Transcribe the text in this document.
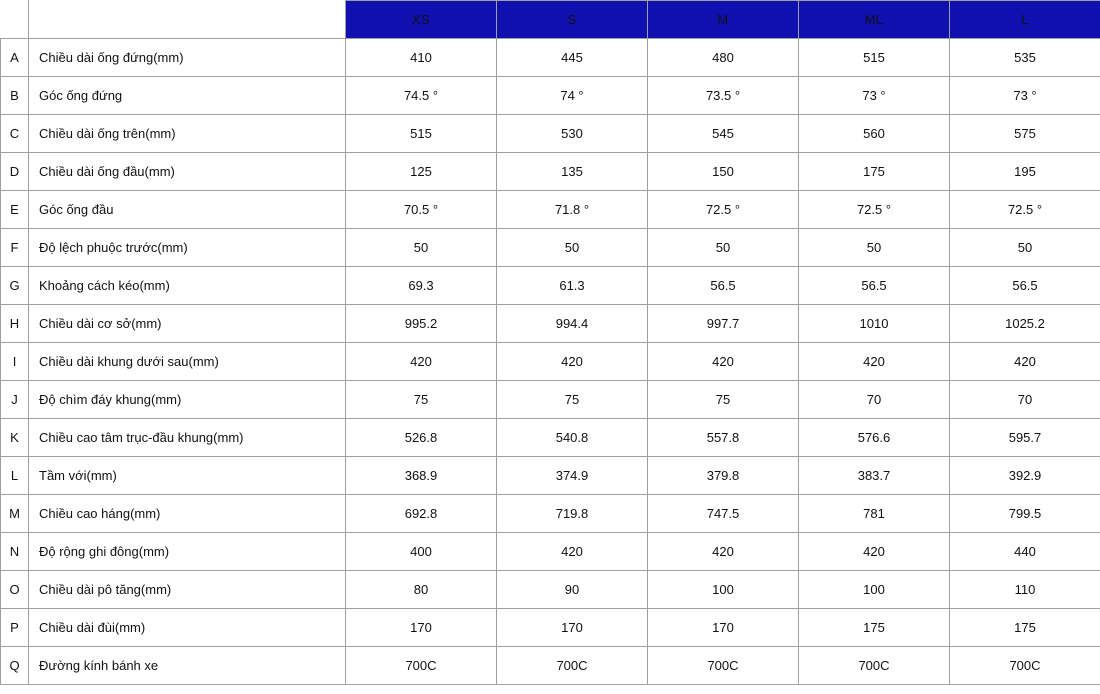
		XS	S	M	ML	L
A	Chiều dài ống đứng(mm)	410	445	480	515	535
B	Góc ống đứng	74.5 °	74 °	73.5 °	73 °	73 °
C	Chiều dài ống trên(mm)	515	530	545	560	575
D	Chiều dài ống đầu(mm)	125	135	150	175	195
E	Góc ống đầu	70.5 °	71.8 °	72.5 °	72.5 °	72.5 °
F	Độ lệch phuộc trước(mm)	50	50	50	50	50
G	Khoảng cách kéo(mm)	69.3	61.3	56.5	56.5	56.5
H	Chiều dài cơ sở(mm)	995.2	994.4	997.7	1010	1025.2
I	Chiều dài khung dưới sau(mm)	420	420	420	420	420
J	Độ chìm đáy khung(mm)	75	75	75	70	70
K	Chiều cao tâm trục-đầu khung(mm)	526.8	540.8	557.8	576.6	595.7
L	Tầm với(mm)	368.9	374.9	379.8	383.7	392.9
M	Chiều cao háng(mm)	692.8	719.8	747.5	781	799.5
N	Độ rộng ghi đông(mm)	400	420	420	420	440
O	Chiều dài pô tăng(mm)	80	90	100	100	110
P	Chiều dài đùi(mm)	170	170	170	175	175
Q	Đường kính bánh xe	700C	700C	700C	700C	700C
